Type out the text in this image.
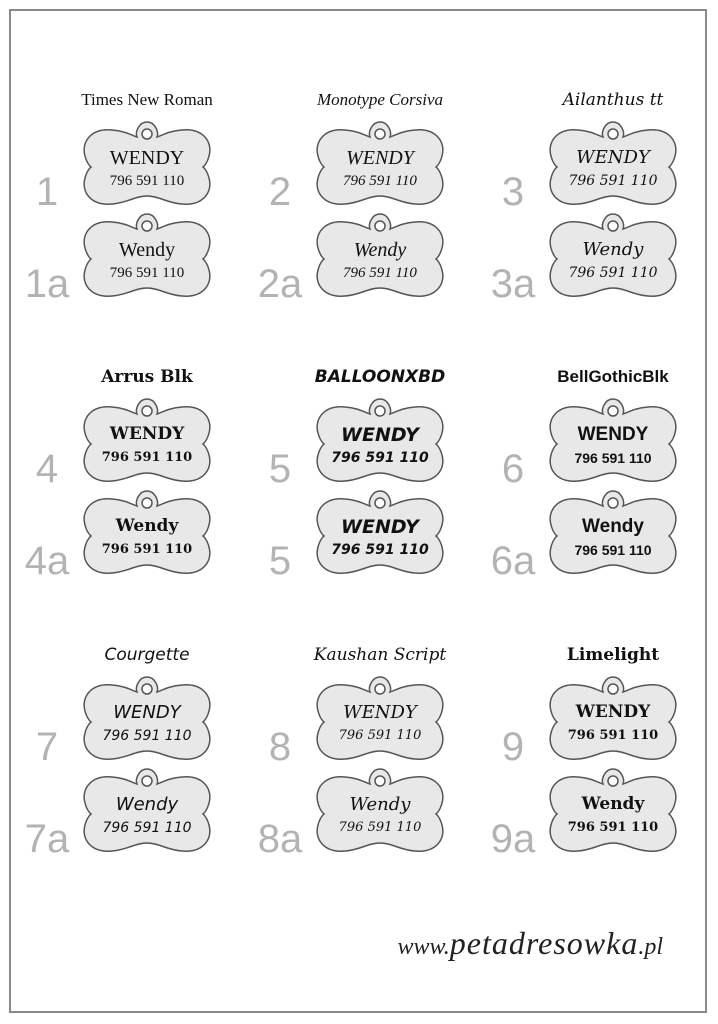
Times New Roman
1
1a
WENDY
796 591 110
Wendy
796 591 110
Monotype Corsiva
2
2a
WENDY
796 591 110
Wendy
796 591 110
Ailanthus tt
3
3a
WENDY
796 591 110
Wendy
796 591 110
Arrus Blk
4
4a
WENDY
796 591 110
Wendy
796 591 110
BALLOONXBD
5
5
WENDY
796 591 110
WENDY
796 591 110
BellGothicBlk
6
6a
WENDY
796 591 110
Wendy
796 591 110
Courgette
7
7a
WENDY
796 591 110
Wendy
796 591 110
Kaushan Script
8
8a
WENDY
796 591 110
Wendy
796 591 110
Limelight
9
9a
WENDY
796 591 110
Wendy
796 591 110
www.petadresowka.pl
